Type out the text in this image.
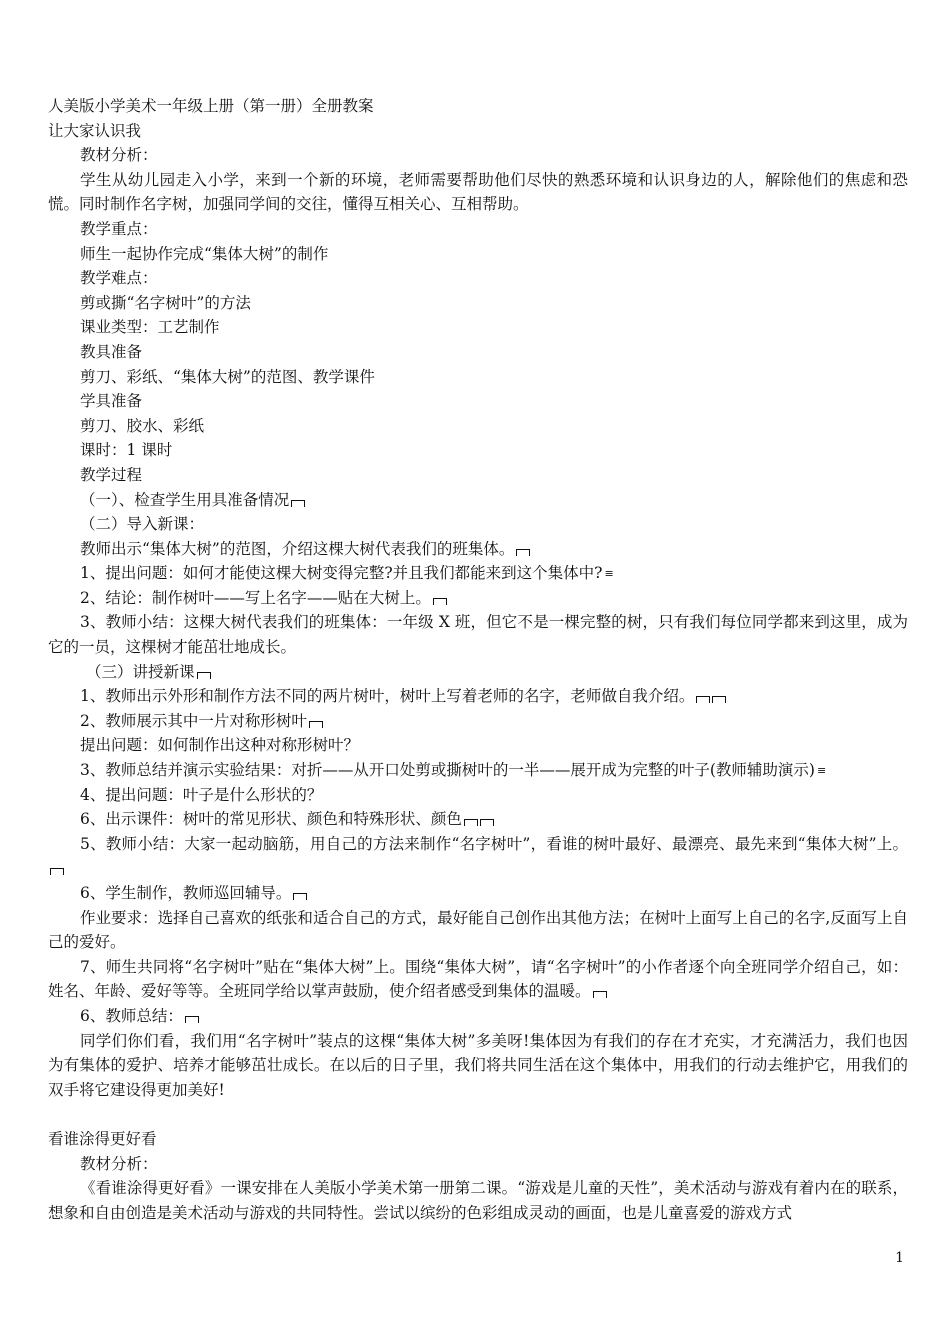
人美版小学美术一年级上册（第一册）全册教案
让大家认识我
教材分析：
学生从幼儿园走入小学，来到一个新的环境，老师需要帮助他们尽快的熟悉环境和认识身边的人，解除他们的焦虑和恐慌。同时制作名字树，加强同学间的交往，懂得互相关心、互相帮助。
教学重点：
师生一起协作完成“集体大树”的制作
教学难点：
剪或撕“名字树叶”的方法
课业类型：工艺制作
教具准备
剪刀、彩纸、“集体大树”的范图、教学课件
学具准备
剪刀、胶水、彩纸
课时：1 课时
教学过程
（一）、检查学生用具准备情况
（二）导入新课：
教师出示“集体大树”的范图，介绍这棵大树代表我们的班集体。
1、提出问题：如何才能使这棵大树变得完整?并且我们都能来到这个集体中? ≡
2、结论：制作树叶——写上名字——贴在大树上。
3、教师小结：这棵大树代表我们的班集体：一年级 X 班，但它不是一棵完整的树，只有我们每位同学都来到这里，成为它的一员，这棵树才能茁壮地成长。
（三）讲授新课
1、教师出示外形和制作方法不同的两片树叶，树叶上写着老师的名字，老师做自我介绍。
2、教师展示其中一片对称形树叶
提出问题：如何制作出这种对称形树叶？
3、教师总结并演示实验结果：对折——从开口处剪或撕树叶的一半——展开成为完整的叶子(教师辅助演示) ≡
4、提出问题：叶子是什么形状的？
6、出示课件：树叶的常见形状、颜色和特殊形状、颜色
5、教师小结：大家一起动脑筋，用自己的方法来制作“名字树叶”，看谁的树叶最好、最漂亮、最先来到“集体大树”上。
6、学生制作，教师巡回辅导。
作业要求：选择自己喜欢的纸张和适合自己的方式，最好能自己创作出其他方法；在树叶上面写上自己的名字,反面写上自己的爱好。
7、师生共同将“名字树叶”贴在“集体大树”上。围绕“集体大树”，请“名字树叶”的小作者逐个向全班同学介绍自己，如：姓名、年龄、爱好等等。全班同学给以掌声鼓励，使介绍者感受到集体的温暖。
6、教师总结：
同学们你们看，我们用“名字树叶”装点的这棵“集体大树”多美呀!集体因为有我们的存在才充实，才充满活力，我们也因为有集体的爱护、培养才能够茁壮成长。在以后的日子里，我们将共同生活在这个集体中，用我们的行动去维护它，用我们的双手将它建设得更加美好!
看谁涂得更好看
教材分析：
《看谁涂得更好看》一课安排在人美版小学美术第一册第二课。“游戏是儿童的天性”，美术活动与游戏有着内在的联系，想象和自由创造是美术活动与游戏的共同特性。尝试以缤纷的色彩组成灵动的画面，也是儿童喜爱的游戏方式
1
